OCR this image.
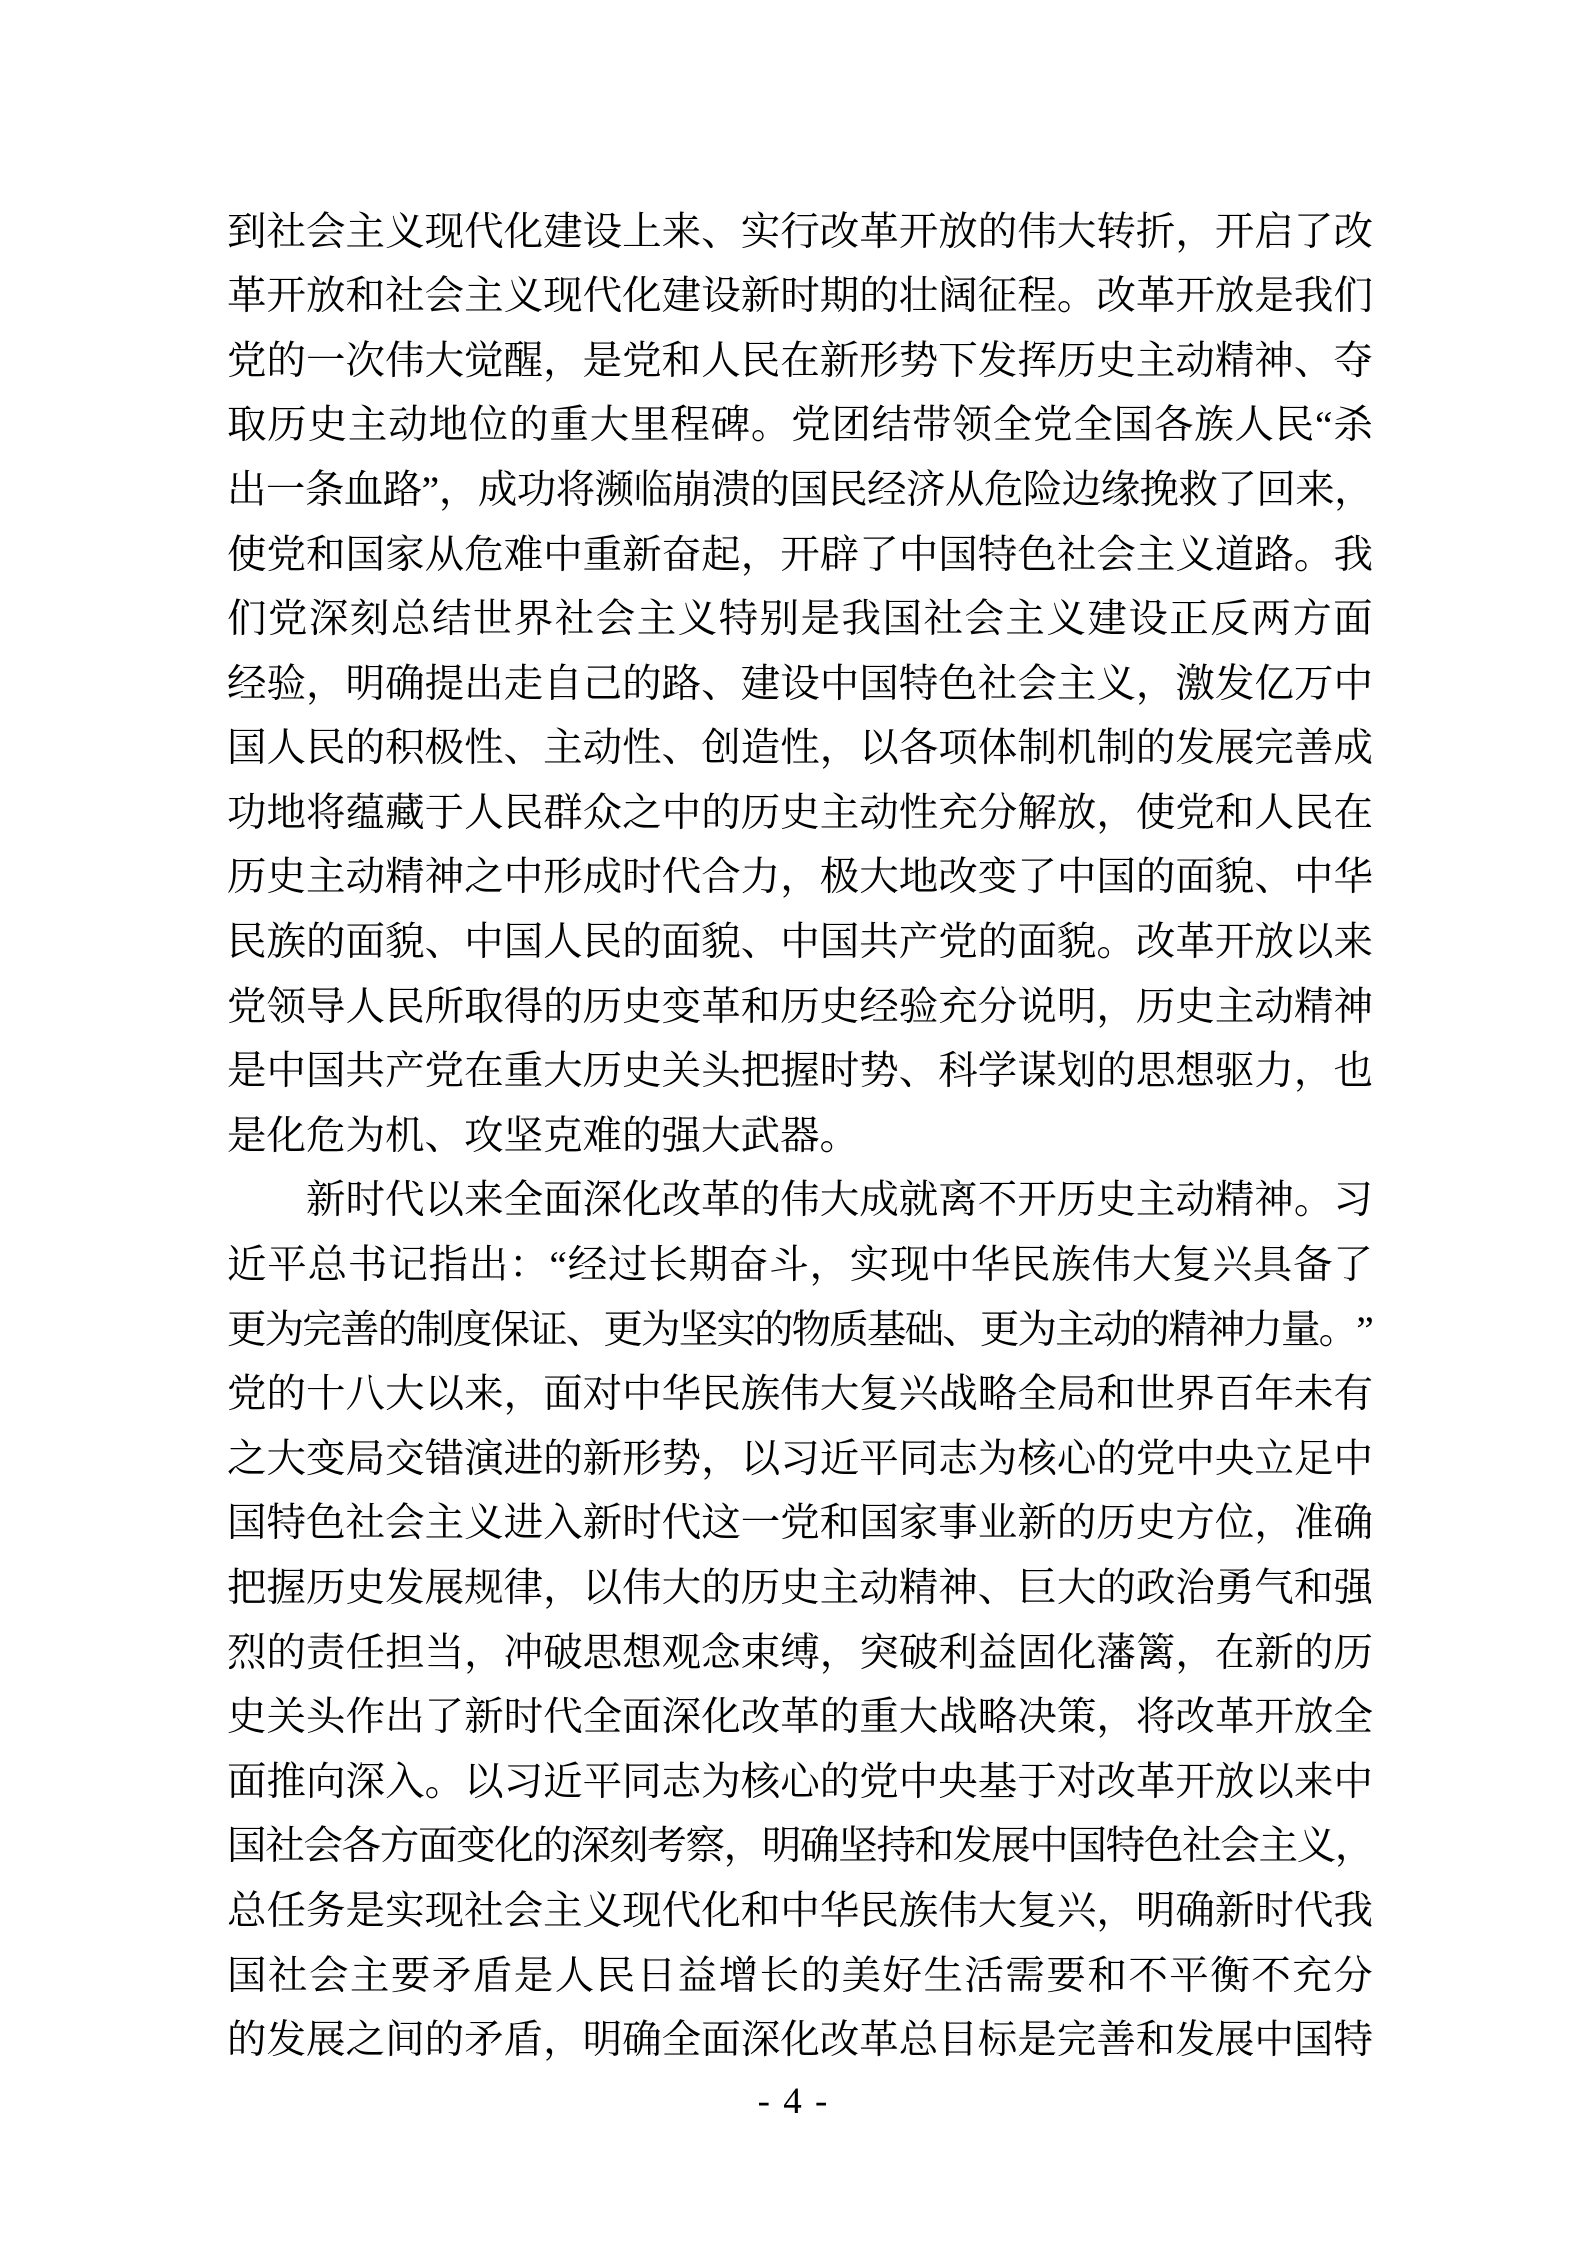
到 社 会 主 义 现 代 化 建 设 上 来 、 实 行 改 革 开 放 的 伟 大 转 折 ， 开 启 了 改
革 开 放 和 社 会 主 义 现 代 化 建 设 新 时 期 的 壮 阔 征 程 。 改 革 开 放 是 我 们
党 的 一 次 伟 大 觉 醒 ， 是 党 和 人 民 在 新 形 势 下 发 挥 历 史 主 动 精 神 、 夺
取 历 史 主 动 地 位 的 重 大 里 程 碑 。 党 团 结 带 领 全 党 全 国 各 族 人 民 “ 杀
出 一 条 血 路 ” ， 成 功 将 濒 临 崩 溃 的 国 民 经 济 从 危 险 边 缘 挽 救 了 回 来 ，
使 党 和 国 家 从 危 难 中 重 新 奋 起 ， 开 辟 了 中 国 特 色 社 会 主 义 道 路 。 我
们 党 深 刻 总 结 世 界 社 会 主 义 特 别 是 我 国 社 会 主 义 建 设 正 反 两 方 面
经 验 ， 明 确 提 出 走 自 己 的 路 、 建 设 中 国 特 色 社 会 主 义 ， 激 发 亿 万 中
国 人 民 的 积 极 性 、 主 动 性 、 创 造 性 ， 以 各 项 体 制 机 制 的 发 展 完 善 成
功 地 将 蕴 藏 于 人 民 群 众 之 中 的 历 史 主 动 性 充 分 解 放 ， 使 党 和 人 民 在
历 史 主 动 精 神 之 中 形 成 时 代 合 力 ， 极 大 地 改 变 了 中 国 的 面 貌 、 中 华
民 族 的 面 貌 、 中 国 人 民 的 面 貌 、 中 国 共 产 党 的 面 貌 。 改 革 开 放 以 来
党 领 导 人 民 所 取 得 的 历 史 变 革 和 历 史 经 验 充 分 说 明 ， 历 史 主 动 精 神
是 中 国 共 产 党 在 重 大 历 史 关 头 把 握 时 势 、 科 学 谋 划 的 思 想 驱 力 ， 也
是 化 危 为 机 、 攻 坚 克 难 的 强 大 武 器 。
新 时 代 以 来 全 面 深 化 改 革 的 伟 大 成 就 离 不 开 历 史 主 动 精 神 。 习
近 平 总 书 记 指 出 ： “ 经 过 长 期 奋 斗 ， 实 现 中 华 民 族 伟 大 复 兴 具 备 了
更
为
完
善
的
制
度
保
证
、
更
为
坚
实
的
物
质
基
础
、
更
为
主
动
的
精
神
力
量
。
”
党 的 十 八 大 以 来 ， 面 对 中 华 民 族 伟 大 复 兴 战 略 全 局 和 世 界 百 年 未 有
之 大 变 局 交 错 演 进 的 新 形 势 ， 以 习 近 平 同 志 为 核 心 的 党 中 央 立 足 中
国 特 色 社 会 主 义 进 入 新 时 代 这 一 党 和 国 家 事 业 新 的 历 史 方 位 ， 准 确
把 握 历 史 发 展 规 律 ， 以 伟 大 的 历 史 主 动 精 神 、 巨 大 的 政 治 勇 气 和 强
烈 的 责 任 担 当 ， 冲 破 思 想 观 念 束 缚 ， 突 破 利 益 固 化 藩 篱 ， 在 新 的 历
史 关 头 作 出 了 新 时 代 全 面 深 化 改 革 的 重 大 战 略 决 策 ， 将 改 革 开 放 全
面 推 向 深 入 。 以 习 近 平 同 志 为 核 心 的 党 中 央 基 于 对 改 革 开 放 以 来 中
国
社
会
各
方
面
变
化
的
深
刻
考
察
，
明
确
坚
持
和
发
展
中
国
特
色
社
会
主
义
，
总 任 务 是 实 现 社 会 主 义 现 代 化 和 中 华 民 族 伟 大 复 兴 ， 明 确 新 时 代 我
国 社 会 主 要 矛 盾 是 人 民 日 益 增 长 的 美 好 生 活 需 要 和 不 平 衡 不 充 分
的 发 展 之 间 的 矛 盾 ， 明 确 全 面 深 化 改 革 总 目 标 是 完 善 和 发 展 中 国 特
- 4 -
